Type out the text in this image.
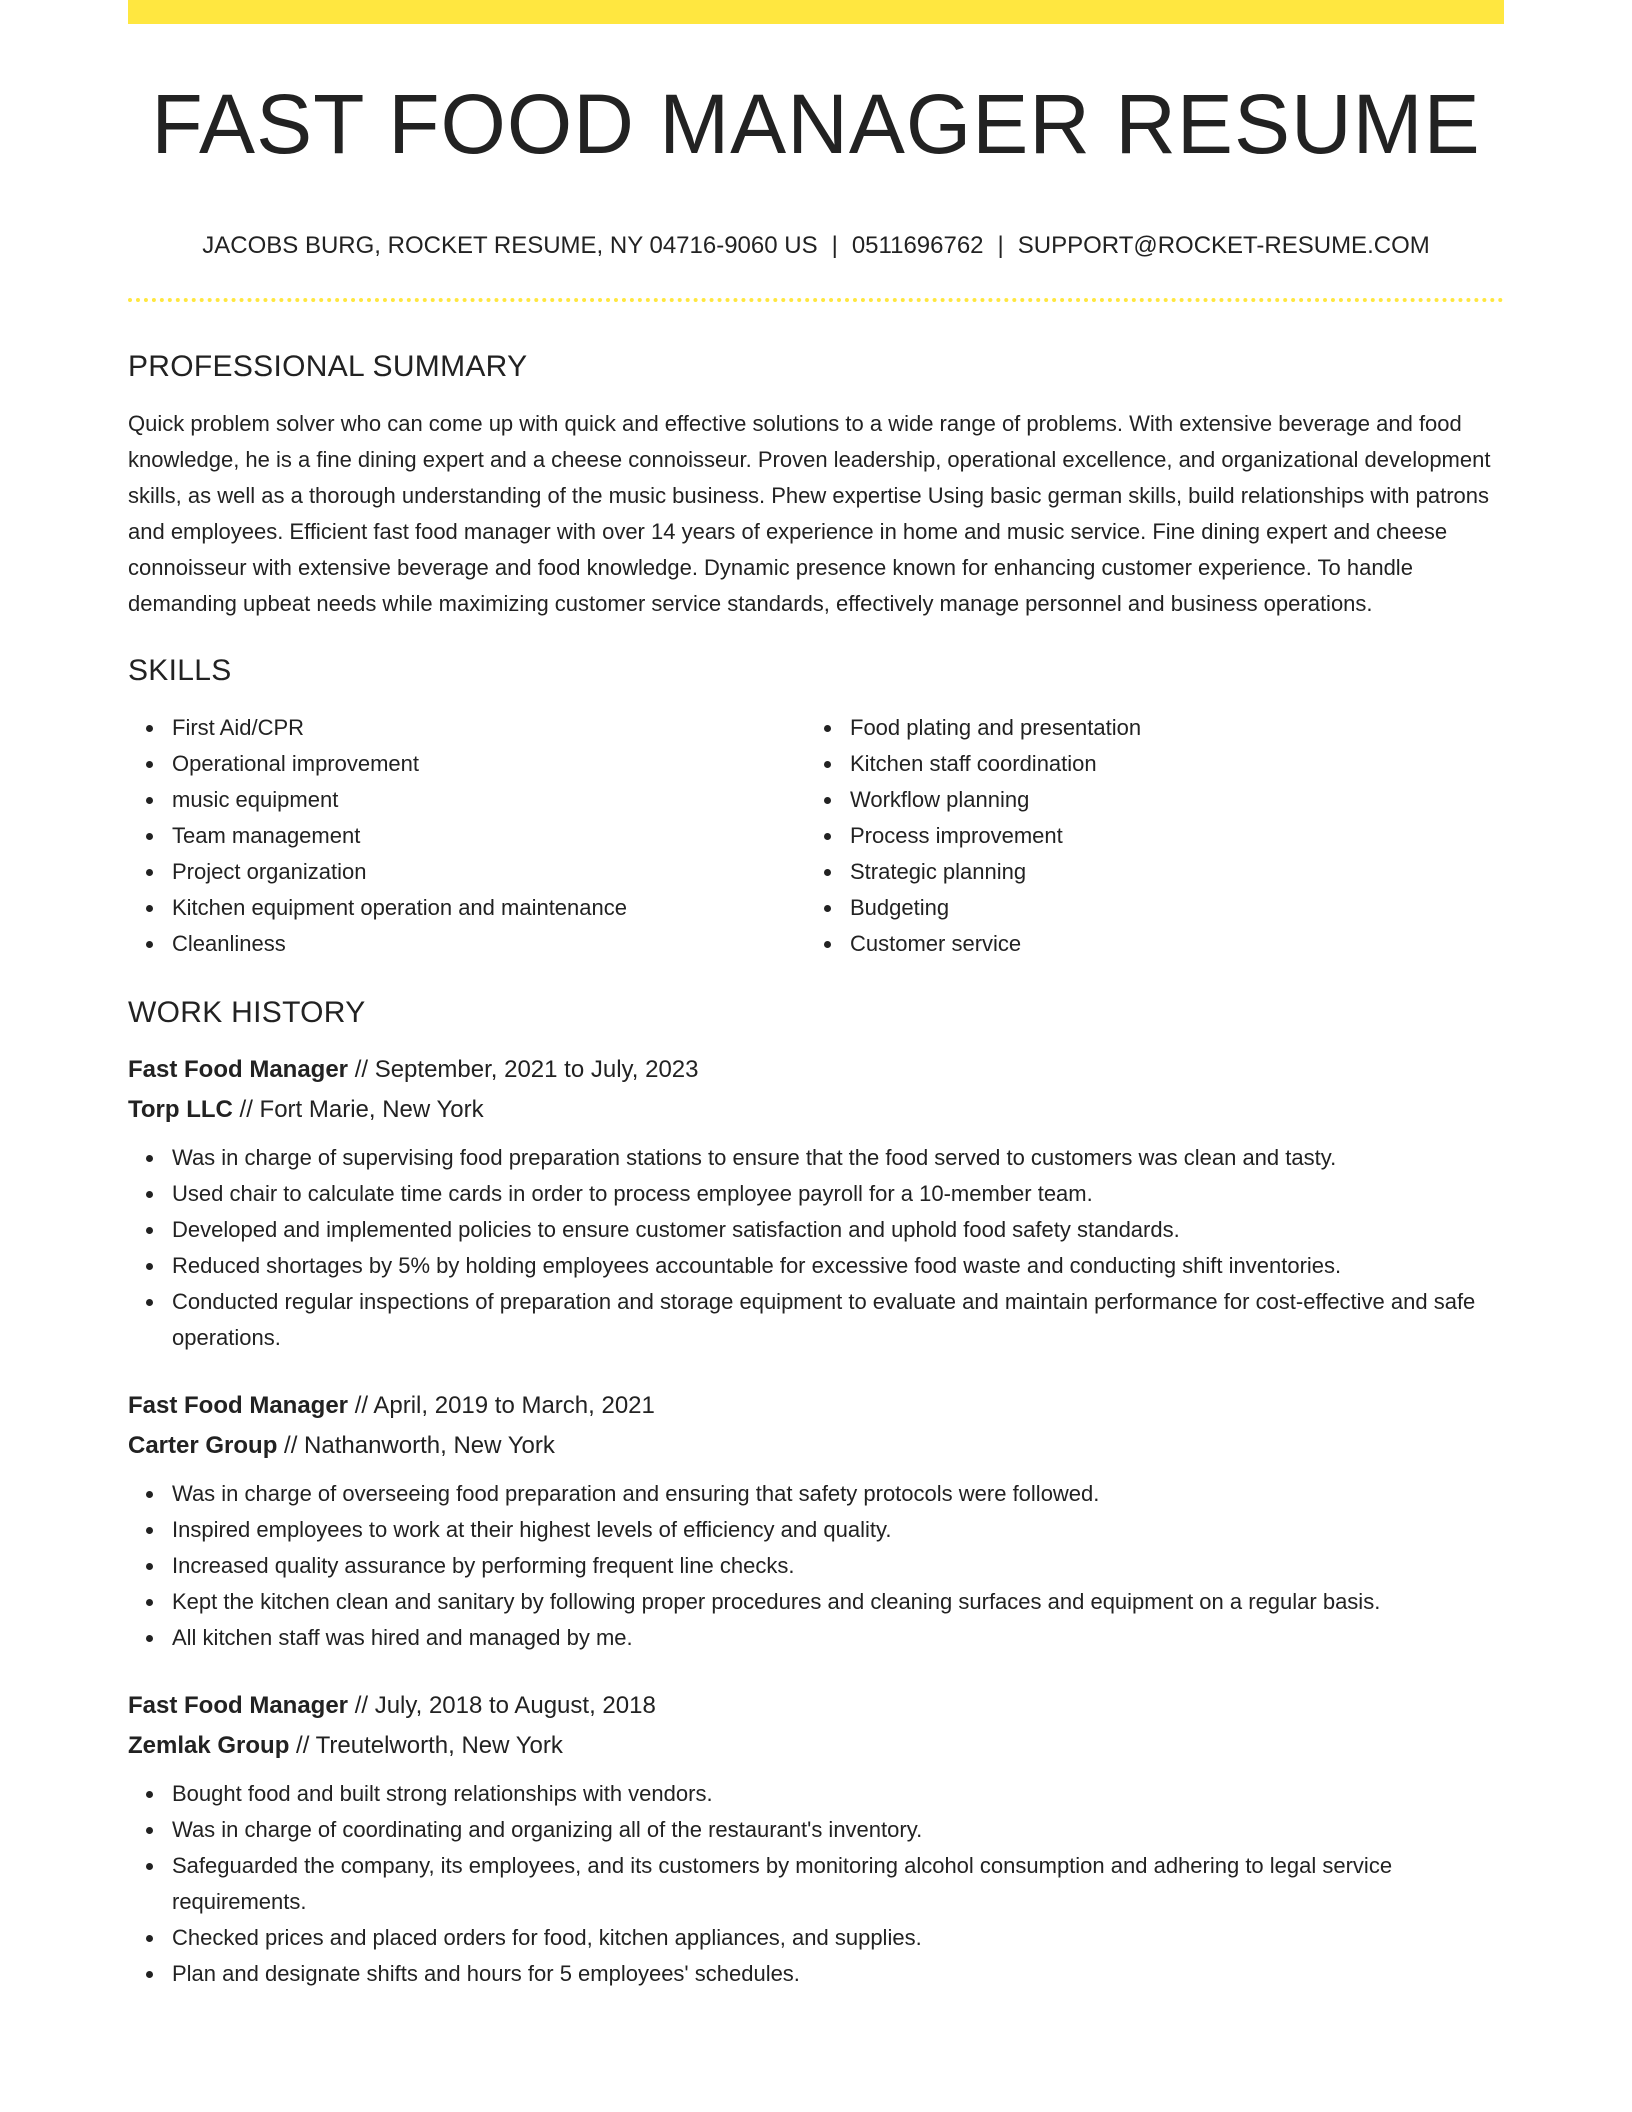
FAST FOOD MANAGER RESUME
JACOBS BURG, ROCKET RESUME, NY 04716-9060 US | 0511696762 | SUPPORT@ROCKET-RESUME.COM
PROFESSIONAL SUMMARY
Quick problem solver who can come up with quick and effective solutions to a wide range of problems. With extensive beverage and food knowledge, he is a fine dining expert and a cheese connoisseur. Proven leadership, operational excellence, and organizational development skills, as well as a thorough understanding of the music business. Phew expertise Using basic german skills, build relationships with patrons and employees. Efficient fast food manager with over 14 years of experience in home and music service. Fine dining expert and cheese connoisseur with extensive beverage and food knowledge. Dynamic presence known for enhancing customer experience. To handle demanding upbeat needs while maximizing customer service standards, effectively manage personnel and business operations.
SKILLS
First Aid/CPR
Operational improvement
music equipment
Team management
Project organization
Kitchen equipment operation and maintenance
Cleanliness
Food plating and presentation
Kitchen staff coordination
Workflow planning
Process improvement
Strategic planning
Budgeting
Customer service
WORK HISTORY
Fast Food Manager // September, 2021 to July, 2023
Torp LLC // Fort Marie, New York
Was in charge of supervising food preparation stations to ensure that the food served to customers was clean and tasty.
Used chair to calculate time cards in order to process employee payroll for a 10-member team.
Developed and implemented policies to ensure customer satisfaction and uphold food safety standards.
Reduced shortages by 5% by holding employees accountable for excessive food waste and conducting shift inventories.
Conducted regular inspections of preparation and storage equipment to evaluate and maintain performance for cost-effective and safe operations.
Fast Food Manager // April, 2019 to March, 2021
Carter Group // Nathanworth, New York
Was in charge of overseeing food preparation and ensuring that safety protocols were followed.
Inspired employees to work at their highest levels of efficiency and quality.
Increased quality assurance by performing frequent line checks.
Kept the kitchen clean and sanitary by following proper procedures and cleaning surfaces and equipment on a regular basis.
All kitchen staff was hired and managed by me.
Fast Food Manager // July, 2018 to August, 2018
Zemlak Group // Treutelworth, New York
Bought food and built strong relationships with vendors.
Was in charge of coordinating and organizing all of the restaurant's inventory.
Safeguarded the company, its employees, and its customers by monitoring alcohol consumption and adhering to legal service requirements.
Checked prices and placed orders for food, kitchen appliances, and supplies.
Plan and designate shifts and hours for 5 employees' schedules.
